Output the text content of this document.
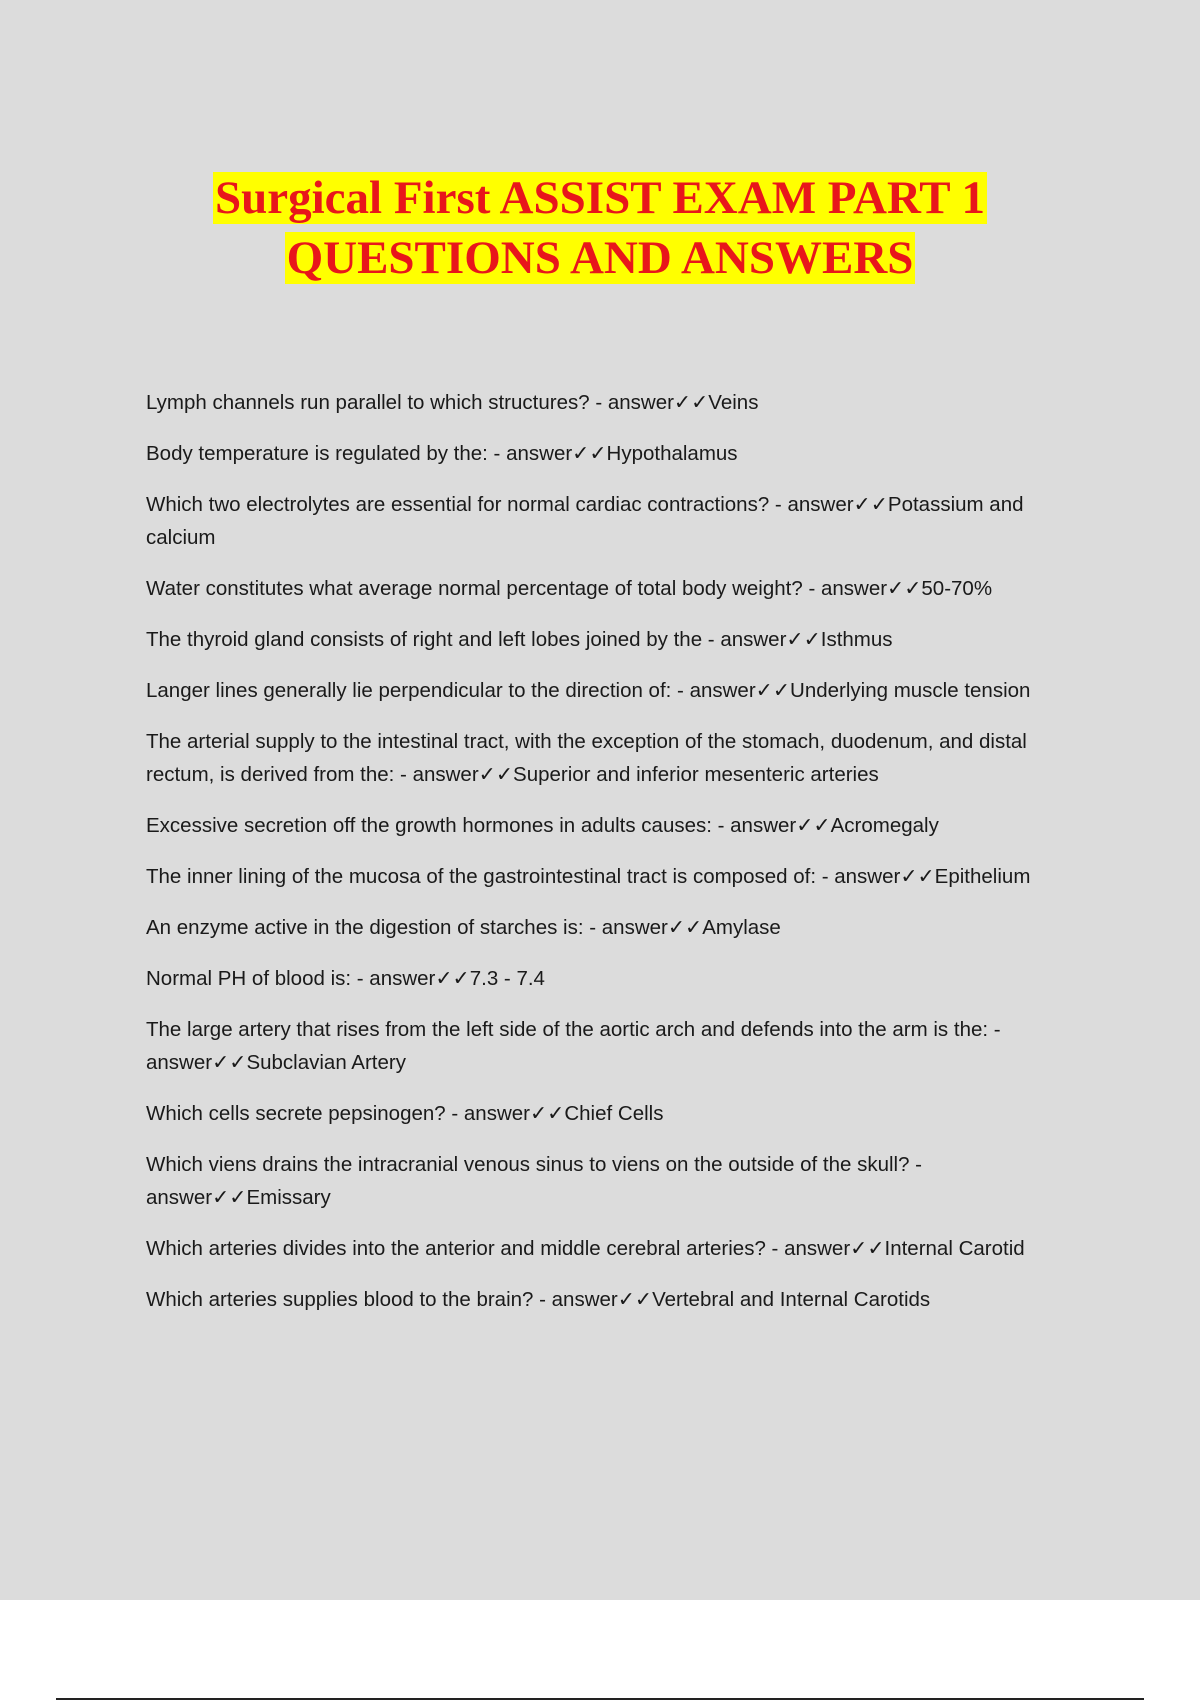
Surgical First ASSIST EXAM PART 1
QUESTIONS AND ANSWERS
Lymph channels run parallel to which structures? - answer✓✓Veins
Body temperature is regulated by the: - answer✓✓Hypothalamus
Which two electrolytes are essential for normal cardiac contractions? - answer✓✓Potassium and calcium
Water constitutes what average normal percentage of total body weight? - answer✓✓50-70%
The thyroid gland consists of right and left lobes joined by the - answer✓✓Isthmus
Langer lines generally lie perpendicular to the direction of: - answer✓✓Underlying muscle tension
The arterial supply to the intestinal tract, with the exception of the stomach, duodenum, and distal rectum, is derived from the: - answer✓✓Superior and inferior mesenteric arteries
Excessive secretion off the growth hormones in adults causes: - answer✓✓Acromegaly
The inner lining of the mucosa of the gastrointestinal tract is composed of: - answer✓✓Epithelium
An enzyme active in the digestion of starches is: - answer✓✓Amylase
Normal PH of blood is: - answer✓✓7.3 - 7.4
The large artery that rises from the left side of the aortic arch and defends into the arm is the: - answer✓✓Subclavian Artery
Which cells secrete pepsinogen? - answer✓✓Chief Cells
Which viens drains the intracranial venous sinus to viens on the outside of the skull? - answer✓✓Emissary
Which arteries divides into the anterior and middle cerebral arteries? - answer✓✓Internal Carotid
Which arteries supplies blood to the brain? - answer✓✓Vertebral and Internal Carotids
